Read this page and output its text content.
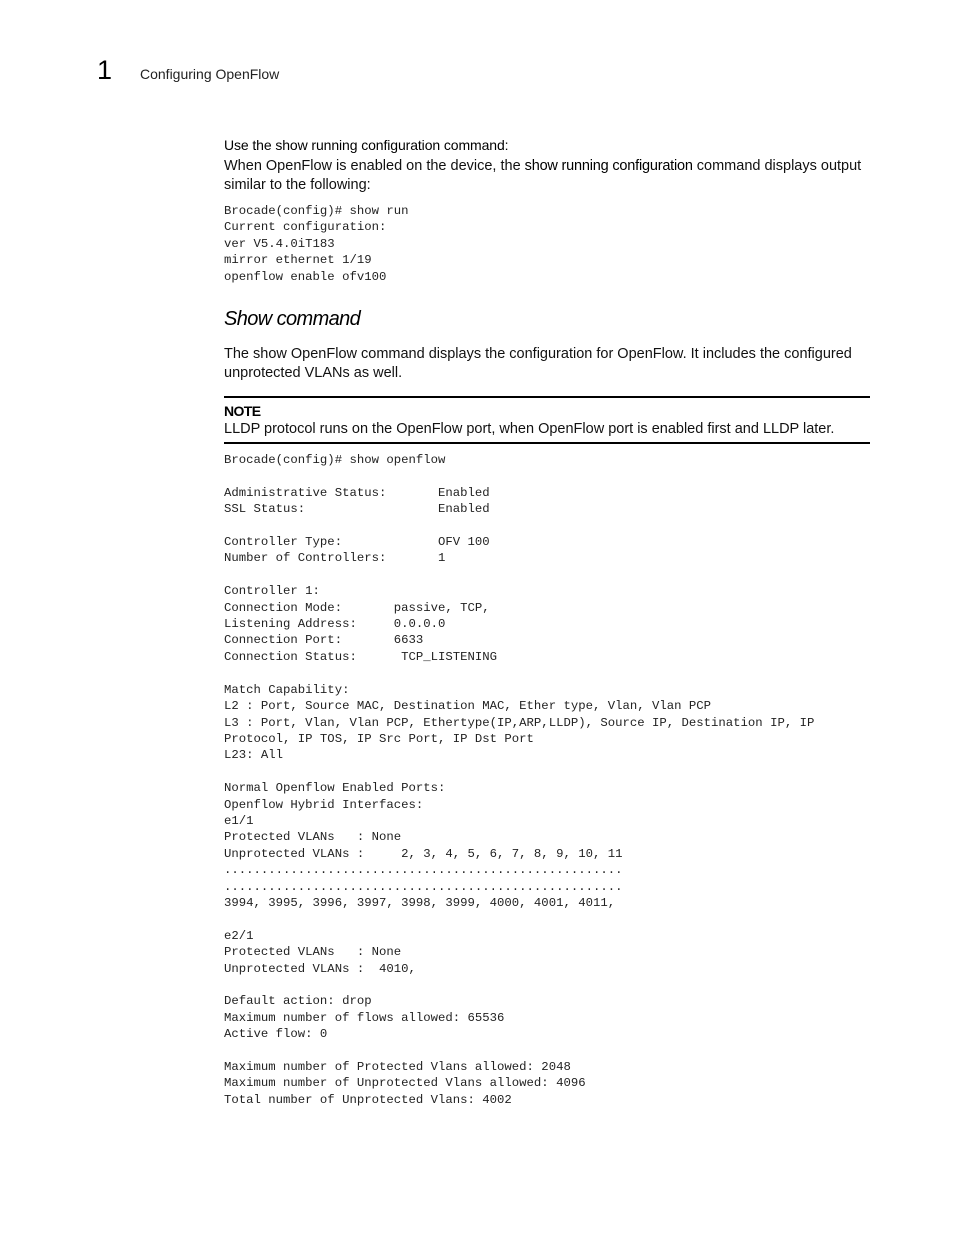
1 Configuring OpenFlow
Use the show running configuration command:
When OpenFlow is enabled on the device, the show running configuration command displays output similar to the following:
Brocade(config)# show run
Current configuration:
ver V5.4.0iT183
mirror ethernet 1/19
openflow enable ofv100
Show command
The show OpenFlow command displays the configuration for OpenFlow. It includes the configured unprotected VLANs as well.
NOTE
LLDP protocol runs on the OpenFlow port, when OpenFlow port is enabled first and LLDP later.
Brocade(config)# show openflow

Administrative Status:       Enabled
SSL Status:                  Enabled

Controller Type:             OFV 100
Number of Controllers:       1

Controller 1:
Connection Mode:       passive, TCP,
Listening Address:     0.0.0.0
Connection Port:       6633
Connection Status:      TCP_LISTENING

Match Capability:
L2 : Port, Source MAC, Destination MAC, Ether type, Vlan, Vlan PCP
L3 : Port, Vlan, Vlan PCP, Ethertype(IP,ARP,LLDP), Source IP, Destination IP, IP
Protocol, IP TOS, IP Src Port, IP Dst Port
L23: All

Normal Openflow Enabled Ports:
Openflow Hybrid Interfaces:
e1/1
Protected VLANs   : None
Unprotected VLANs :     2, 3, 4, 5, 6, 7, 8, 9, 10, 11
......................................................
......................................................
3994, 3995, 3996, 3997, 3998, 3999, 4000, 4001, 4011,

e2/1
Protected VLANs   : None
Unprotected VLANs :  4010,

Default action: drop
Maximum number of flows allowed: 65536
Active flow: 0

Maximum number of Protected Vlans allowed: 2048
Maximum number of Unprotected Vlans allowed: 4096
Total number of Unprotected Vlans: 4002
